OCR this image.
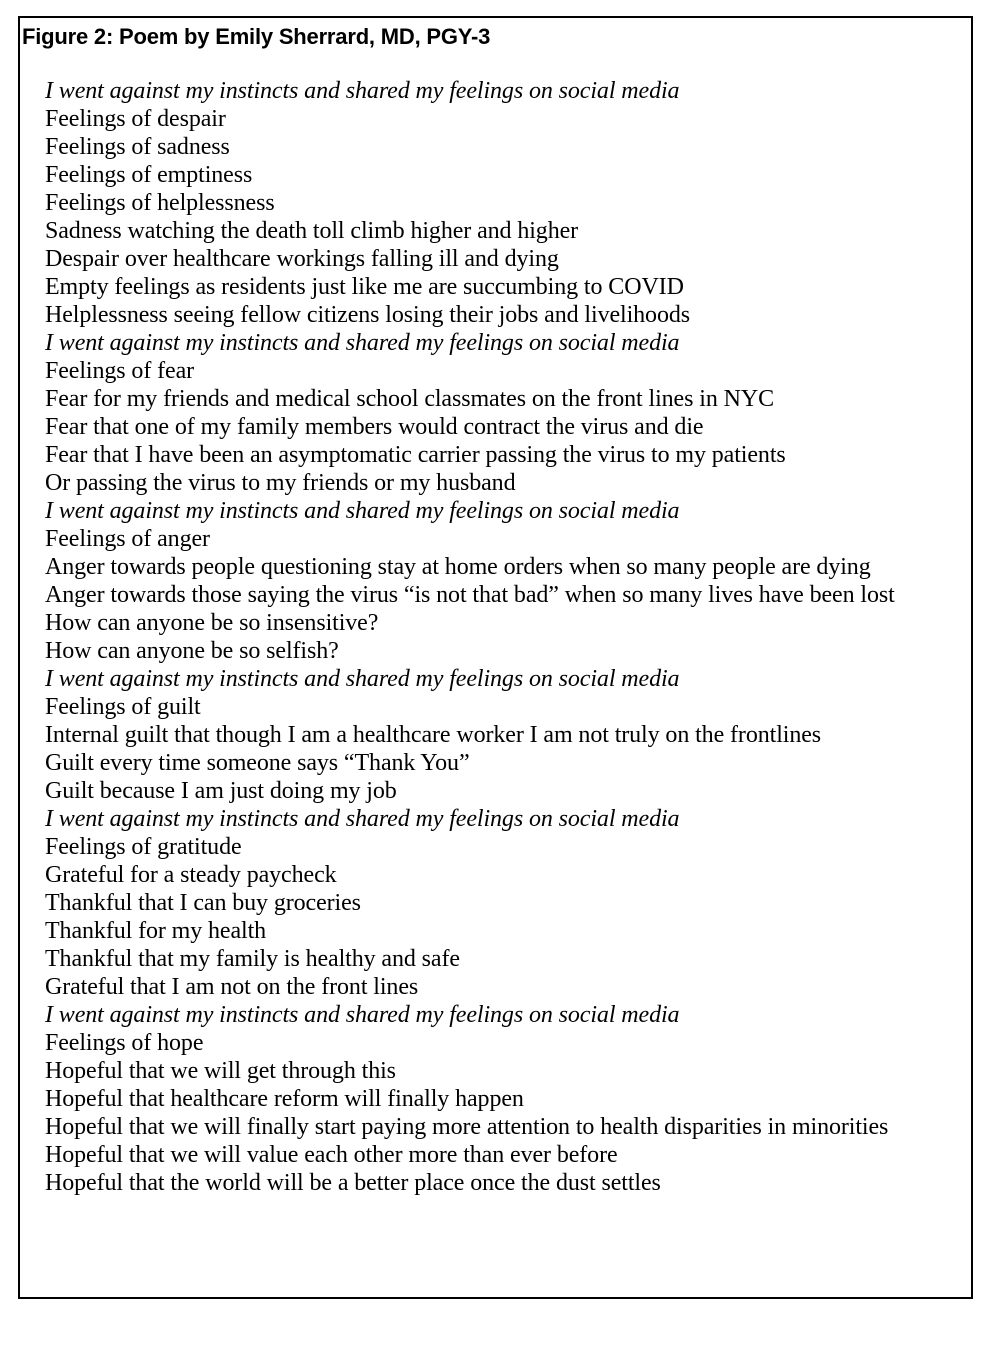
Figure 2: Poem by Emily Sherrard, MD, PGY-3
I went against my instincts and shared my feelings on social media
Feelings of despair
Feelings of sadness
Feelings of emptiness
Feelings of helplessness
Sadness watching the death toll climb higher and higher
Despair over healthcare workings falling ill and dying
Empty feelings as residents just like me are succumbing to COVID
Helplessness seeing fellow citizens losing their jobs and livelihoods
I went against my instincts and shared my feelings on social media
Feelings of fear
Fear for my friends and medical school classmates on the front lines in NYC
Fear that one of my family members would contract the virus and die
Fear that I have been an asymptomatic carrier passing the virus to my patients
Or passing the virus to my friends or my husband
I went against my instincts and shared my feelings on social media
Feelings of anger
Anger towards people questioning stay at home orders when so many people are dying
Anger towards those saying the virus “is not that bad” when so many lives have been lost
How can anyone be so insensitive?
How can anyone be so selfish?
I went against my instincts and shared my feelings on social media
Feelings of guilt
Internal guilt that though I am a healthcare worker I am not truly on the frontlines
Guilt every time someone says “Thank You”
Guilt because I am just doing my job
I went against my instincts and shared my feelings on social media
Feelings of gratitude
Grateful for a steady paycheck
Thankful that I can buy groceries
Thankful for my health
Thankful that my family is healthy and safe
Grateful that I am not on the front lines
I went against my instincts and shared my feelings on social media
Feelings of hope
Hopeful that we will get through this
Hopeful that healthcare reform will finally happen
Hopeful that we will finally start paying more attention to health disparities in minorities
Hopeful that we will value each other more than ever before
Hopeful that the world will be a better place once the dust settles
